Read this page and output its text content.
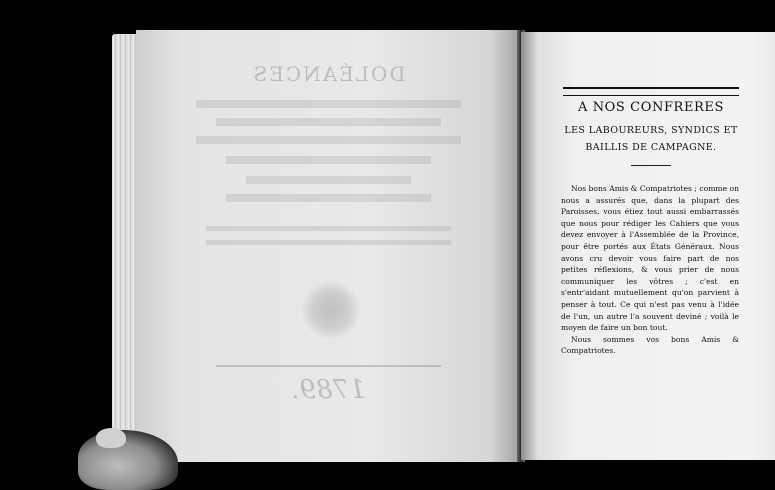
DOLÉANCES
1789.
A NOS CONFRERES
LES LABOUREURS, SYNDICS ET
BAILLIS DE CAMPAGNE.

Nos bons Amis & Compatriotes ; comme on nous a assurés que, dans la plupart des Paroisses, vous étiez tout aussi embarrassés que nous pour rédiger les Cahiers que vous devez envoyer à l'Assemblée de la Province, pour être portés aux États Généraux. Nous avons cru devoir vous faire part de nos petites réflexions, & vous prier de nous communiquer les vôtres ; c'est en s'entr'aidant mutuellement qu'on parvient à penser à tout. Ce qui n'est pas venu à l'idée de l'un, un autre l'a souvent deviné ; voilà le moyen de faire un bon tout.

Nous sommes vos bons Amis & Compatriotes.
